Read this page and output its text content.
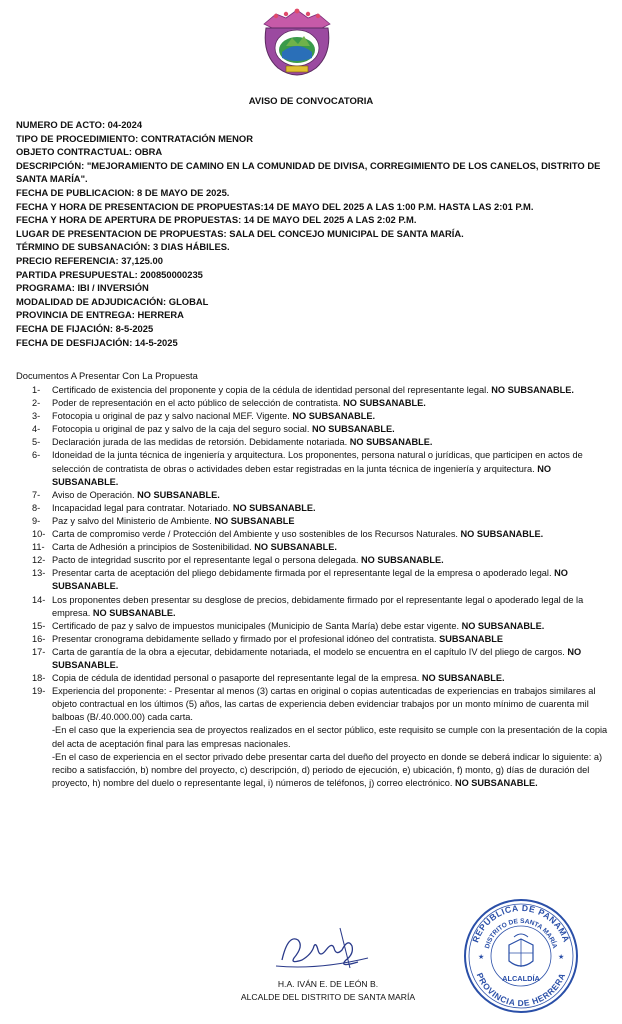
AVISO DE CONVOCATORIA
NUMERO DE ACTO: 04-2024
TIPO DE PROCEDIMIENTO: CONTRATACIÓN MENOR
OBJETO CONTRACTUAL: OBRA
DESCRIPCIÓN: "MEJORAMIENTO DE CAMINO EN LA COMUNIDAD DE DIVISA, CORREGIMIENTO DE LOS CANELOS, DISTRITO DE SANTA MARÍA".
FECHA DE PUBLICACION: 8 DE MAYO DE 2025.
FECHA Y HORA DE PRESENTACION DE PROPUESTAS:14 DE MAYO DEL 2025 A LAS 1:00 P.M. HASTA LAS 2:01 P.M.
FECHA Y HORA DE APERTURA DE PROPUESTAS: 14 DE MAYO DEL 2025 A LAS 2:02 P.M.
LUGAR DE PRESENTACION DE PROPUESTAS: SALA DEL CONCEJO MUNICIPAL DE SANTA MARÍA.
TÉRMINO DE SUBSANACIÓN: 3 DIAS HÁBILES.
PRECIO REFERENCIA: 37,125.00
PARTIDA PRESUPUESTAL: 200850000235
PROGRAMA: IBI / INVERSIÓN
MODALIDAD DE ADJUDICACIÓN: GLOBAL
PROVINCIA DE ENTREGA: HERRERA
FECHA DE FIJACIÓN: 8-5-2025
FECHA DE DESFIJACIÓN: 14-5-2025
Documentos A Presentar Con La Propuesta
1-	Certificado de existencia del proponente y copia de la cédula de identidad personal del representante legal. NO SUBSANABLE.
2-	Poder de representación en el acto público de selección de contratista. NO SUBSANABLE.
3-	Fotocopia u original de paz y salvo nacional MEF. Vigente. NO SUBSANABLE.
4-	Fotocopia u original de paz y salvo de la caja del seguro social. NO SUBSANABLE.
5-	Declaración jurada de las medidas de retorsión. Debidamente notariada. NO SUBSANABLE.
6-	Idoneidad de la junta técnica de ingeniería y arquitectura. Los proponentes, persona natural o jurídicas, que participen en actos de selección de contratista de obras o actividades deben estar registradas en la junta técnica de ingeniería y arquitectura. NO SUBSANABLE.
7-	Aviso de Operación. NO SUBSANABLE.
8-	Incapacidad legal para contratar. Notariado. NO SUBSANABLE.
9-	Paz y salvo del Ministerio de Ambiente. NO SUBSANABLE
10- Carta de compromiso verde / Protección del Ambiente y uso sostenibles de los Recursos Naturales. NO SUBSANABLE.
11- Carta de Adhesión a principios de Sostenibilidad. NO SUBSANABLE.
12- Pacto de integridad suscrito por el representante legal o persona delegada. NO SUBSANABLE.
13- Presentar carta de aceptación del pliego debidamente firmada por el representante legal de la empresa o apoderado legal. NO SUBSANABLE.
14- Los proponentes deben presentar su desglose de precios, debidamente firmado por el representante legal o apoderado legal de la empresa. NO SUBSANABLE.
15- Certificado de paz y salvo de impuestos municipales (Municipio de Santa María) debe estar vigente. NO SUBSANABLE.
16- Presentar cronograma debidamente sellado y firmado por el profesional idóneo del contratista. SUBSANABLE
17- Carta de garantía de la obra a ejecutar, debidamente notariada, el modelo se encuentra en el capítulo IV del pliego de cargos. NO SUBSANABLE.
18- Copia de cédula de identidad personal o pasaporte del representante legal de la empresa. NO SUBSANABLE.
19- Experiencia del proponente: - Presentar al menos (3) cartas en original o copias autenticadas de experiencias en trabajos similares al objeto contractual en los últimos (5) años, las cartas de experiencia deben evidenciar trabajos por un monto mínimo de cuarenta mil balboas (B/.40.000.00) cada carta.

-En el caso que la experiencia sea de proyectos realizados en el sector público, este requisito se cumple con la presentación de la copia del acta de aceptación final para las empresas nacionales.

-En el caso de experiencia en el sector privado debe presentar carta del dueño del proyecto en donde se deberá indicar lo siguiente: a) recibo a satisfacción, b) nombre del proyecto, c) descripción, d) periodo de ejecución, e) ubicación, f) monto, g) días de duración del proyecto, h) nombre del duelo o representante legal, i) números de teléfonos, j) correo electrónico. NO SUBSANABLE.

H.A. IVÁN E. DE LEÓN B.
ALCALDE DEL DISTRITO DE SANTA MARÍA
REPÚBLICA DE PANAMÁ
DISTRITO DE SANTA MARÍA
PROVINCIA DE HERRERA
ALCALDÍA
★	★
